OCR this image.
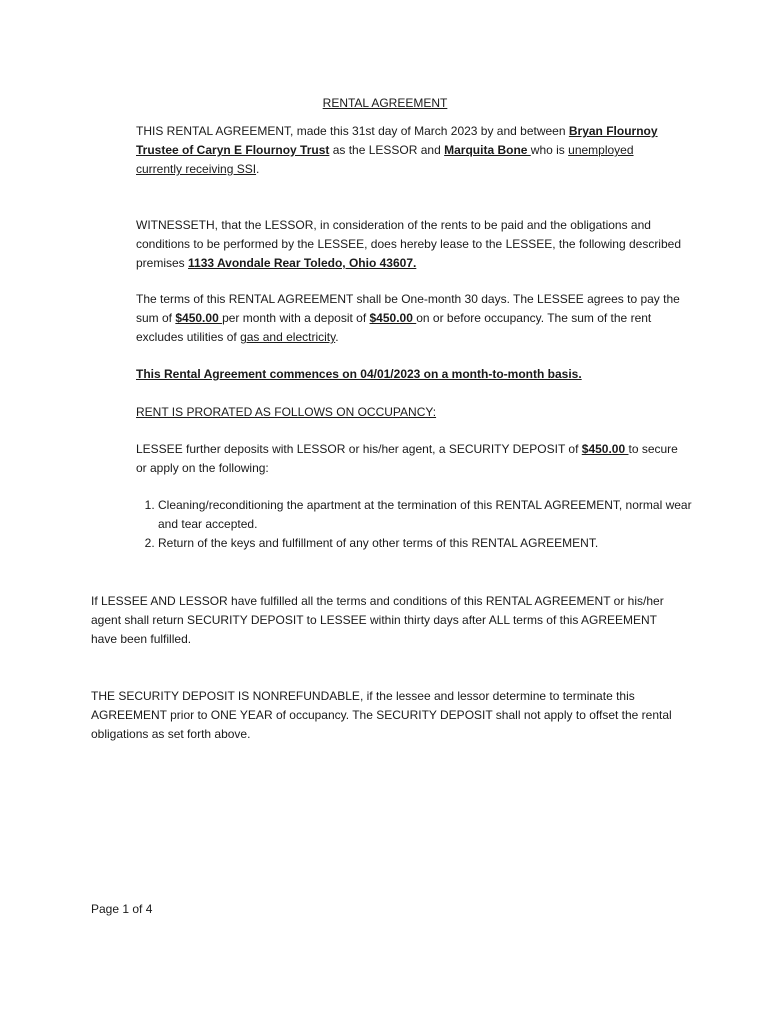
RENTAL AGREEMENT

THIS RENTAL AGREEMENT, made this 31st day of March 2023 by and between Bryan Flournoy Trustee of Caryn E Flournoy Trust as the LESSOR and Marquita Bone who is unemployed currently receiving SSI.

WITNESSETH, that the LESSOR, in consideration of the rents to be paid and the obligations and conditions to be performed by the LESSEE, does hereby lease to the LESSEE, the following described premises 1133 Avondale Rear Toledo, Ohio 43607.

The terms of this RENTAL AGREEMENT shall be One-month 30 days. The LESSEE agrees to pay the sum of $450.00 per month with a deposit of $450.00 on or before occupancy. The sum of the rent excludes utilities of gas and electricity.

This Rental Agreement commences on 04/01/2023 on a month-to-month basis.

RENT IS PRORATED AS FOLLOWS ON OCCUPANCY:

LESSEE further deposits with LESSOR or his/her agent, a SECURITY DEPOSIT of $450.00 to secure or apply on the following:

1. Cleaning/reconditioning the apartment at the termination of this RENTAL AGREEMENT, normal wear and tear accepted.
2. Return of the keys and fulfillment of any other terms of this RENTAL AGREEMENT.

If LESSEE AND LESSOR have fulfilled all the terms and conditions of this RENTAL AGREEMENT or his/her agent shall return SECURITY DEPOSIT to LESSEE within thirty days after ALL terms of this AGREEMENT have been fulfilled.

THE SECURITY DEPOSIT IS NONREFUNDABLE, if the lessee and lessor determine to terminate this AGREEMENT prior to ONE YEAR of occupancy. The SECURITY DEPOSIT shall not apply to offset the rental obligations as set forth above.

Page 1 of 4
